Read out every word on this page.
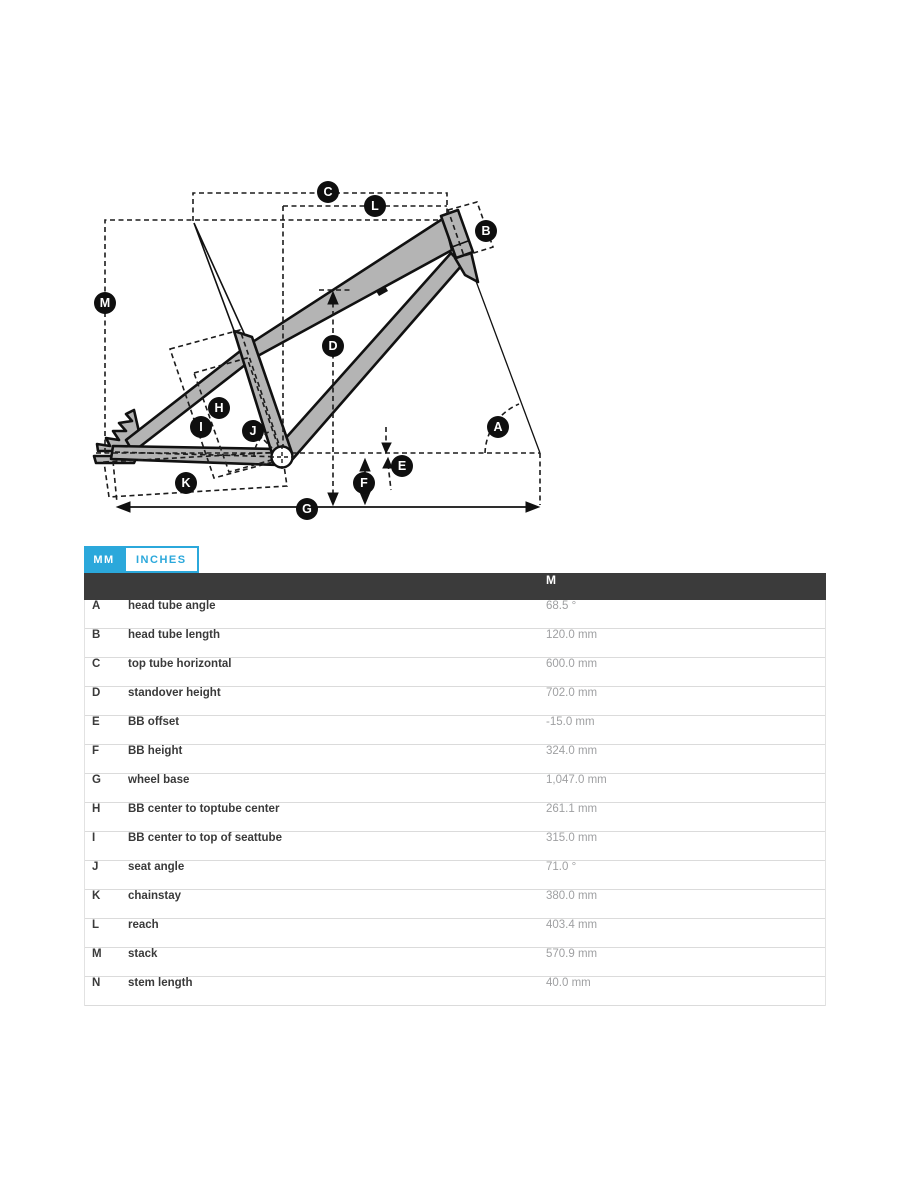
A
B
C
D
E
F
G
H
I	J
K
L
M
MM	INCHES
M
A head tube angle	68.5 °
B head tube length	120.0 mm
C top tube horizontal	600.0 mm
D standover height	702.0 mm
E BB offset	-15.0 mm
F	BB height	324.0 mm
G wheel base	1,047.0 mm
H BB center to toptube center	261.1 mm
I	BB center to top of seattube	315.0 mm
J	seat angle	71.0 °
K chainstay	380.0 mm
L	reach	403.4 mm
M stack	570.9 mm
N stem length	40.0 mm
